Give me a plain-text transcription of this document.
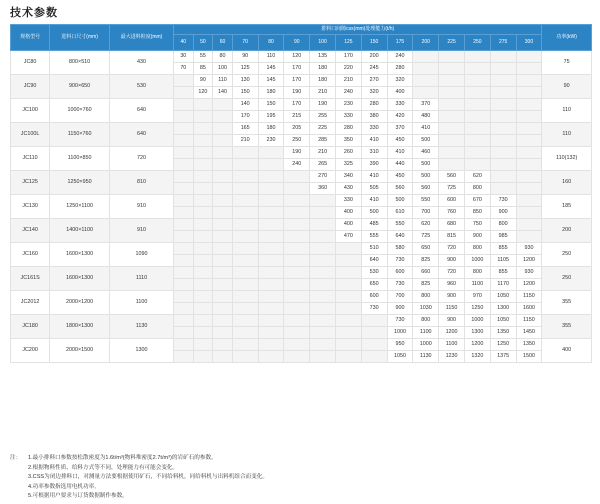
技术参数
规格型号	进料口尺寸(mm)	最大进料粒度(mm)	排料口间隙css(mm)处理能力(t/h)															功率(kW)
			40	50	60	70	80	90	100	125	150	175	200	225	250	275	300	
JC80	800×510	430	30	55	80	90	110	120	135	170	200	240						75
			70	85	100	125	145	170	180	220	245	280						
JC90	900×650	530		90	110	130	145	170	180	210	270	320						90
				120	140	150	180	190	210	240	320	400						
JC100	1000×760	640				140	150	170	190	230	280	330	370					110
						170	195	215	255	330	380	420	480					
JC100L	1150×760	640				165	180	205	225	280	330	370	410					110
						210	230	250	285	350	410	450	500					
JC110	1100×850	720						190	210	260	310	410	460					110(132)
								240	265	325	390	440	500					
JC125	1250×950	810							270	340	410	450	500	560	620			160
									360	430	505	560	560	725	800			
JC130	1250×1100	910								330	410	500	550	600	670	730		185
										400	500	610	700	760	850	900		
JC140	1400×1100	910								400	485	550	620	680	750	800		200
										470	555	640	725	815	900	985		
JC160	1600×1300	1090									510	580	650	720	800	855	930	250
											640	730	825	900	1000	1105	1200	
JC161S	1600×1300	1110									530	600	660	720	800	855	930	250
											650	730	825	960	1100	1170	1200	
JC2012	2000×1200	1100									600	700	800	900	970	1050	1150	355
											730	900	1030	1150	1250	1300	1600	
JC180	1800×1300	1130										730	800	900	1000	1050	1150	355
												1000	1100	1200	1300	1350	1450	
JC200	2000×1500	1300										950	1000	1100	1200	1250	1350	400
												1050	1130	1230	1320	1375	1500	
注： 1.最小排料口参数按松散密度为1.6t/m³(物料堆密度2.7t/m³)的岩矿石的参数。
2.根据物料性质、给料方式等不同，处理能力有可能会变化。
3.CSS为闭边排料口，对测量方法要根据使用矿石，不同给料机，同给料机与出料机组合而变化。
4.功率参数指选用电机功率。
5.可根据用户要求与订货数据制作参数。
